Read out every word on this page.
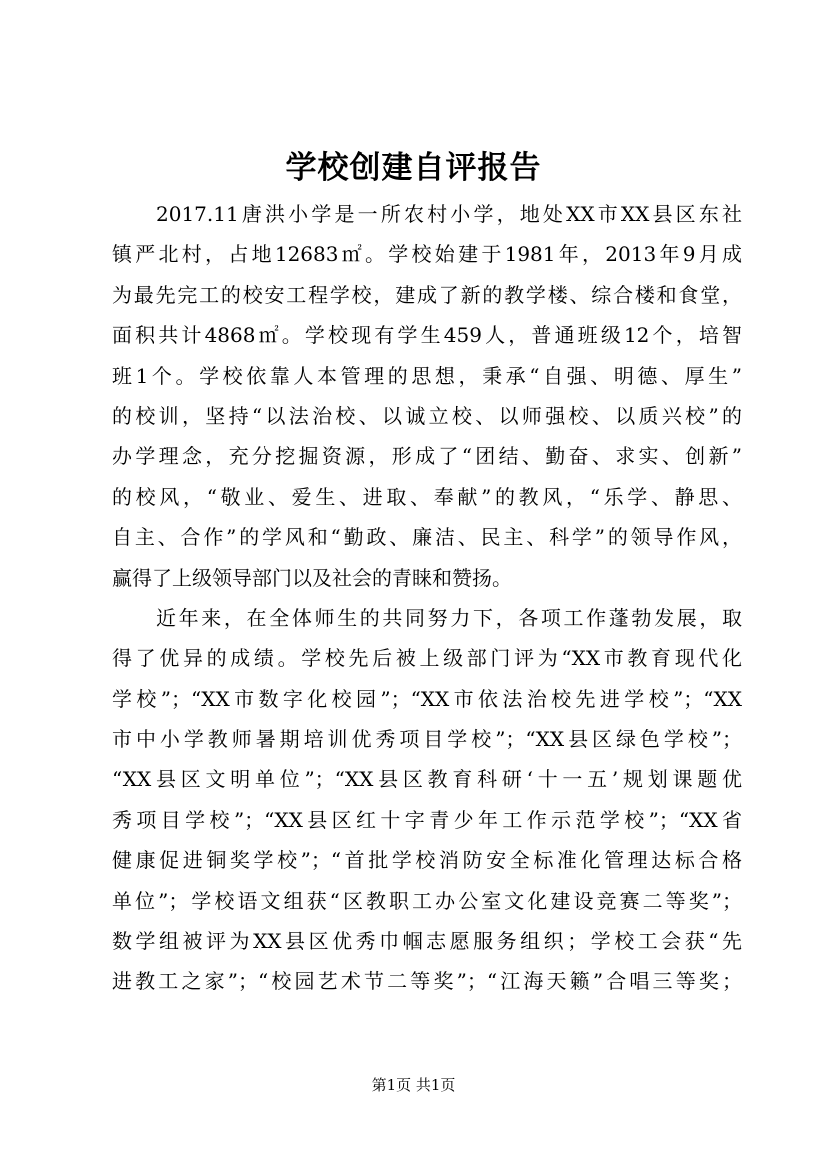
学校创建自评报告
2017.11唐洪小学是一所农村小学，地处XX市XX县区东社
镇严北村，占地12683㎡。学校始建于1981年，2013年9月成
为最先完工的校安工程学校，建成了新的教学楼、综合楼和食堂，
面积共计4868㎡。学校现有学生459人，普通班级12个，培智
班1个。学校依靠人本管理的思想，秉承“自强、明德、厚生”
的校训，坚持“以法治校、以诚立校、以师强校、以质兴校”的
办学理念，充分挖掘资源，形成了“团结、勤奋、求实、创新”
的校风，“敬业、爱生、进取、奉献”的教风，“乐学、静思、
自主、合作”的学风和“勤政、廉洁、民主、科学”的领导作风，
赢得了上级领导部门以及社会的青睐和赞扬。
近年来，在全体师生的共同努力下，各项工作蓬勃发展，取
得了优异的成绩。学校先后被上级部门评为“XX市教育现代化
学校”；“XX市数字化校园”；“XX市依法治校先进学校”；“XX
市中小学教师暑期培训优秀项目学校”；“XX县区绿色学校”；
“XX县区文明单位”；“XX县区教育科研‘十一五’规划课题优
秀项目学校”；“XX县区红十字青少年工作示范学校”；“XX省
健康促进铜奖学校”；“首批学校消防安全标准化管理达标合格
单位”；学校语文组获“区教职工办公室文化建设竞赛二等奖”；
数学组被评为XX县区优秀巾帼志愿服务组织；学校工会获“先
进教工之家”；“校园艺术节二等奖”；“江海天籁”合唱三等奖；
第1页 共1页
